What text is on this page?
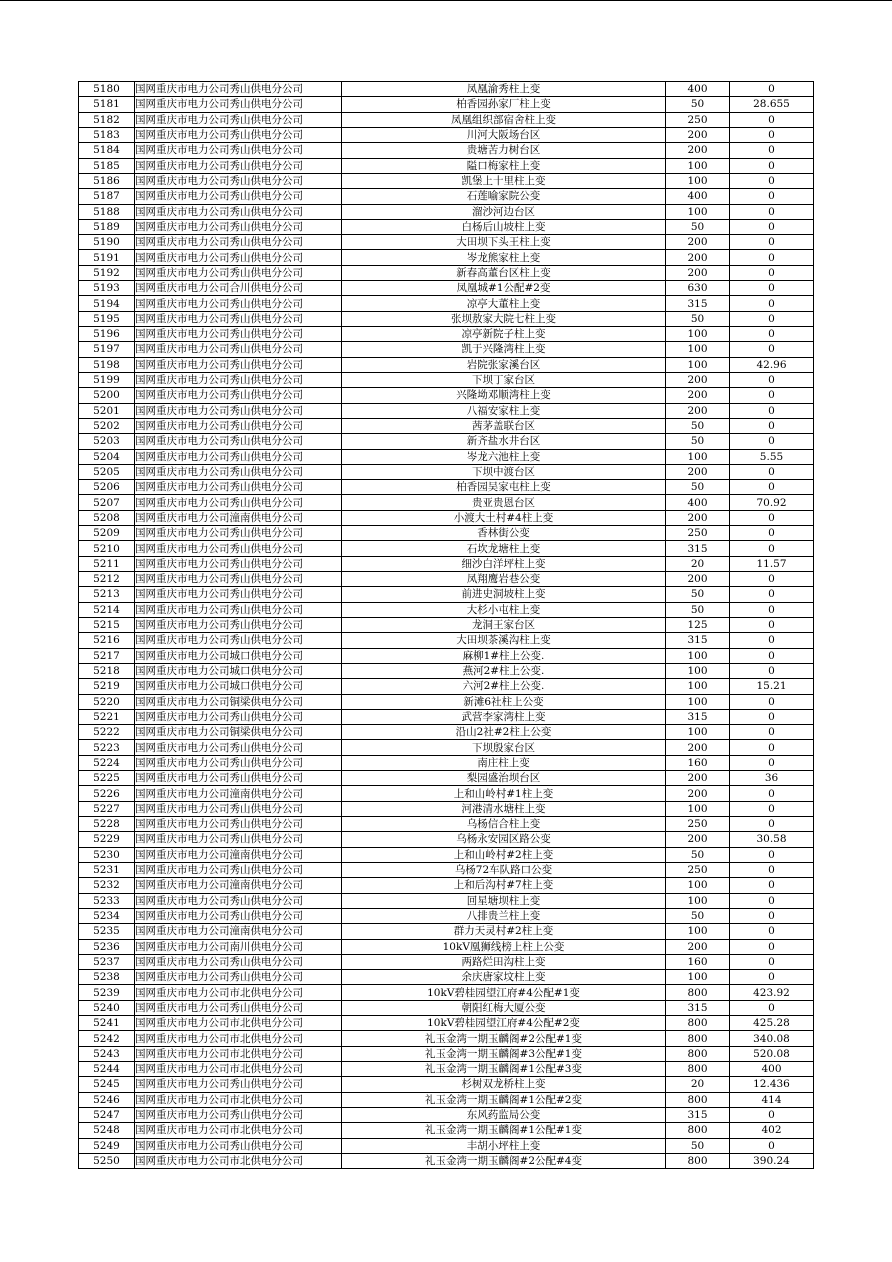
5180	国网重庆市电力公司秀山供电分公司	凤凰渝秀柱上变	400	0
5181	国网重庆市电力公司秀山供电分公司	柏香园孙家厂柱上变	50	28.655
5182	国网重庆市电力公司秀山供电分公司	凤凰组织部宿舍柱上变	250	0
5183	国网重庆市电力公司秀山供电分公司	川河大阪场台区	200	0
5184	国网重庆市电力公司秀山供电分公司	贵塘苦力树台区	200	0
5185	国网重庆市电力公司秀山供电分公司	隘口梅家柱上变	100	0
5186	国网重庆市电力公司秀山供电分公司	凯堡上十里柱上变	100	0
5187	国网重庆市电力公司秀山供电分公司	石莲喻家院公变	400	0
5188	国网重庆市电力公司秀山供电分公司	溜沙河边台区	100	0
5189	国网重庆市电力公司秀山供电分公司	白杨后山坡柱上变	50	0
5190	国网重庆市电力公司秀山供电分公司	大田坝下头王柱上变	200	0
5191	国网重庆市电力公司秀山供电分公司	岑龙熊家柱上变	200	0
5192	国网重庆市电力公司秀山供电分公司	新春高董台区柱上变	200	0
5193	国网重庆市电力公司合川供电分公司	凤凰城#1公配#2变	630	0
5194	国网重庆市电力公司秀山供电分公司	凉亭大董柱上变	315	0
5195	国网重庆市电力公司秀山供电分公司	张坝敖家大院七柱上变	50	0
5196	国网重庆市电力公司秀山供电分公司	凉亭新院子柱上变	100	0
5197	国网重庆市电力公司秀山供电分公司	凯于兴隆湾柱上变	100	0
5198	国网重庆市电力公司秀山供电分公司	岩院张家溪台区	100	42.96
5199	国网重庆市电力公司秀山供电分公司	下坝丁家台区	200	0
5200	国网重庆市电力公司秀山供电分公司	兴隆坳邓顺湾柱上变	200	0
5201	国网重庆市电力公司秀山供电分公司	八福安家柱上变	200	0
5202	国网重庆市电力公司秀山供电分公司	茜茅盖联台区	50	0
5203	国网重庆市电力公司秀山供电分公司	新齐盐水井台区	50	0
5204	国网重庆市电力公司秀山供电分公司	岑龙六池柱上变	100	5.55
5205	国网重庆市电力公司秀山供电分公司	下坝中渡台区	200	0
5206	国网重庆市电力公司秀山供电分公司	柏香园吴家屯柱上变	50	0
5207	国网重庆市电力公司秀山供电分公司	贵亚贵恩台区	400	70.92
5208	国网重庆市电力公司潼南供电分公司	小渡大土村#4柱上变	200	0
5209	国网重庆市电力公司秀山供电分公司	香林街公变	250	0
5210	国网重庆市电力公司秀山供电分公司	石坎龙塘柱上变	315	0
5211	国网重庆市电力公司秀山供电分公司	细沙白洋坪柱上变	20	11.57
5212	国网重庆市电力公司秀山供电分公司	凤翔鹰岩巷公变	200	0
5213	国网重庆市电力公司秀山供电分公司	前进史洞坡柱上变	50	0
5214	国网重庆市电力公司秀山供电分公司	大杉小屯柱上变	50	0
5215	国网重庆市电力公司秀山供电分公司	龙洞王家台区	125	0
5216	国网重庆市电力公司秀山供电分公司	大田坝茶溪沟柱上变	315	0
5217	国网重庆市电力公司城口供电分公司	麻柳1#柱上公变.	100	0
5218	国网重庆市电力公司城口供电分公司	燕河2#柱上公变.	100	0
5219	国网重庆市电力公司城口供电分公司	六河2#柱上公变.	100	15.21
5220	国网重庆市电力公司铜梁供电分公司	新滩6社柱上公变	100	0
5221	国网重庆市电力公司秀山供电分公司	武营李家湾柱上变	315	0
5222	国网重庆市电力公司铜梁供电分公司	沿山2社#2柱上公变	100	0
5223	国网重庆市电力公司秀山供电分公司	下坝殷家台区	200	0
5224	国网重庆市电力公司秀山供电分公司	南庄柱上变	160	0
5225	国网重庆市电力公司秀山供电分公司	梨园盛治坝台区	200	36
5226	国网重庆市电力公司潼南供电分公司	上和山岭村#1柱上变	200	0
5227	国网重庆市电力公司秀山供电分公司	河港清水塘柱上变	100	0
5228	国网重庆市电力公司秀山供电分公司	乌杨信合柱上变	250	0
5229	国网重庆市电力公司秀山供电分公司	乌杨永安园区路公变	200	30.58
5230	国网重庆市电力公司潼南供电分公司	上和山岭村#2柱上变	50	0
5231	国网重庆市电力公司秀山供电分公司	乌杨72车队路口公变	250	0
5232	国网重庆市电力公司潼南供电分公司	上和后沟村#7柱上变	100	0
5233	国网重庆市电力公司秀山供电分公司	回星塘坝柱上变	100	0
5234	国网重庆市电力公司秀山供电分公司	八排贵兰柱上变	50	0
5235	国网重庆市电力公司潼南供电分公司	群力天灵村#2柱上变	100	0
5236	国网重庆市电力公司南川供电分公司	10kV凰狮线榜上柱上公变	200	0
5237	国网重庆市电力公司秀山供电分公司	两路烂田沟柱上变	160	0
5238	国网重庆市电力公司秀山供电分公司	余庆唐家坟柱上变	100	0
5239	国网重庆市电力公司市北供电分公司	10kV碧桂园望江府#4公配#1变	800	423.92
5240	国网重庆市电力公司秀山供电分公司	朝阳红梅大厦公变	315	0
5241	国网重庆市电力公司市北供电分公司	10kV碧桂园望江府#4公配#2变	800	425.28
5242	国网重庆市电力公司市北供电分公司	礼玉金湾一期玉麟阁#2公配#1变	800	340.08
5243	国网重庆市电力公司市北供电分公司	礼玉金湾一期玉麟阁#3公配#1变	800	520.08
5244	国网重庆市电力公司市北供电分公司	礼玉金湾一期玉麟阁#1公配#3变	800	400
5245	国网重庆市电力公司秀山供电分公司	杉树双龙桥柱上变	20	12.436
5246	国网重庆市电力公司市北供电分公司	礼玉金湾一期玉麟阁#1公配#2变	800	414
5247	国网重庆市电力公司秀山供电分公司	东风药监局公变	315	0
5248	国网重庆市电力公司市北供电分公司	礼玉金湾一期玉麟阁#1公配#1变	800	402
5249	国网重庆市电力公司秀山供电分公司	丰胡小坪柱上变	50	0
5250	国网重庆市电力公司市北供电分公司	礼玉金湾一期玉麟阁#2公配#4变	800	390.24
